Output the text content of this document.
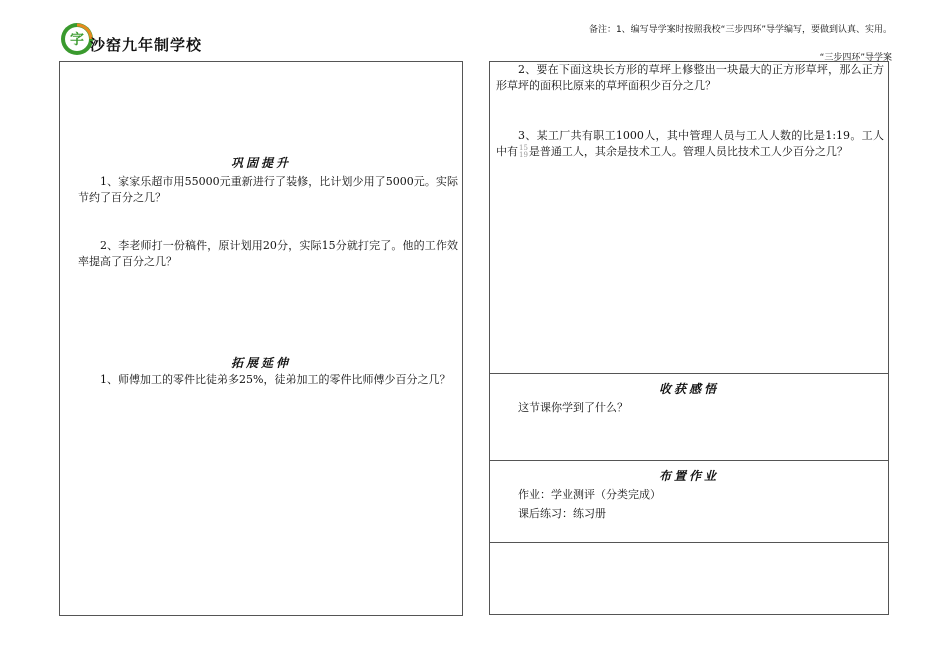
字 沙窑九年制学校
备注：1、编写导学案时按照我校“三步四环”导学编写，要做到认真、实用。
“三步四环”导学案
巩固提升
1、家家乐超市用55000元重新进行了装修，比计划少用了5000元。实际节约了百分之几？
2、李老师打一份稿件，原计划用20分，实际15分就打完了。他的工作效率提高了百分之几？
拓展延伸
1、师傅加工的零件比徒弟多25%，徒弟加工的零件比师傅少百分之几？
2、要在下面这块长方形的草坪上修整出一块最大的正方形草坪，那么正方形草坪的面积比原来的草坪面积少百分之几？
3、某工厂共有职工1000人，其中管理人员与工人人数的比是1:19。工人中有 15
19 是普通工人，其余是技术工人。管理人员比技术工人少百分之几？
收获感悟
这节课你学到了什么？
布置作业
作业：学业测评（分类完成）
课后练习：练习册
